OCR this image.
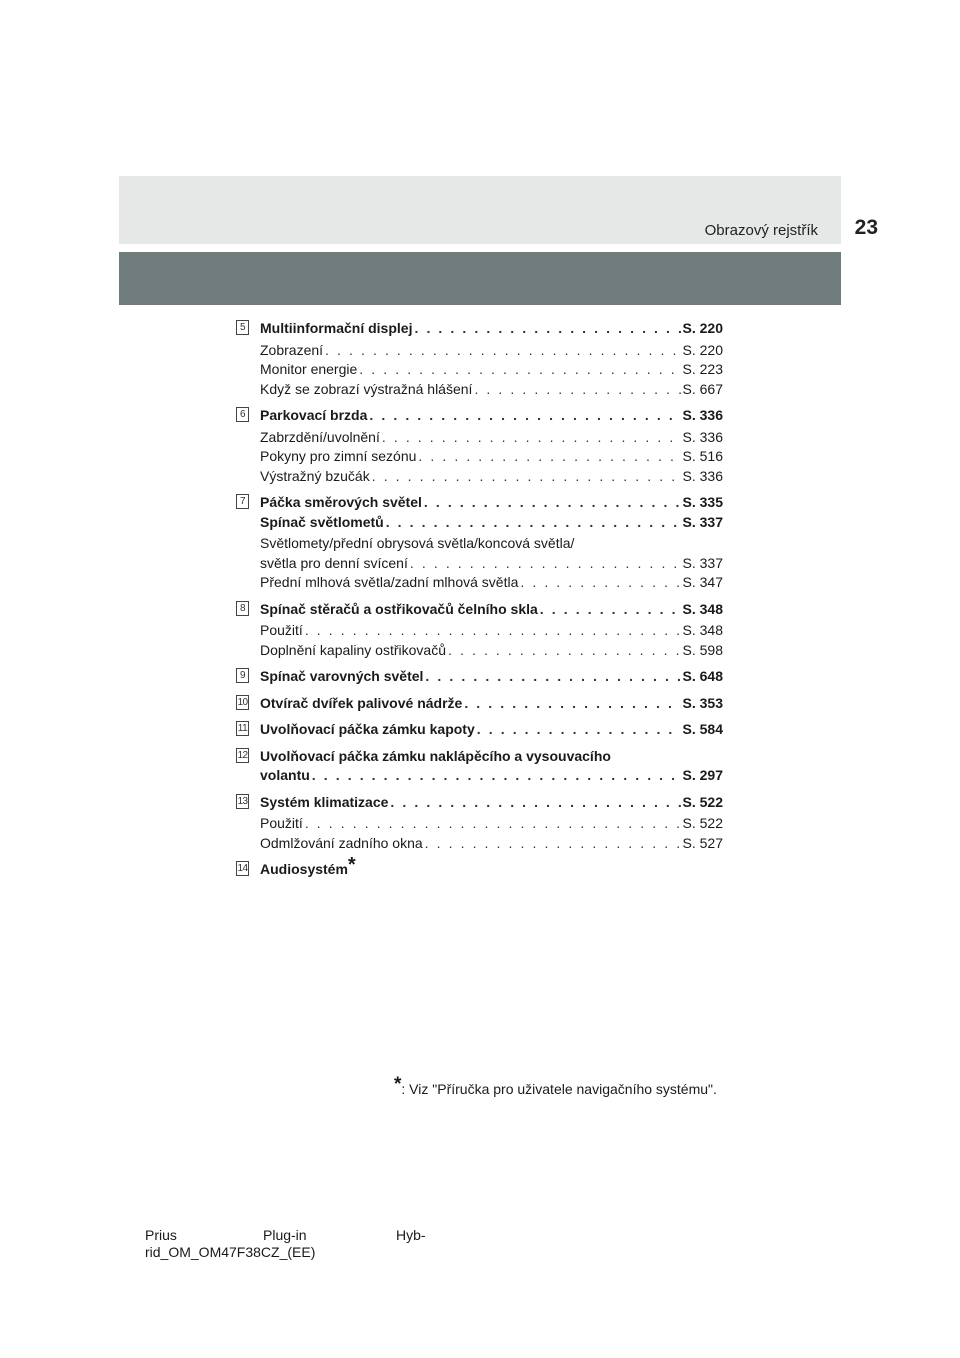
Obrazový rejstřík 23
5 Multiinformační displej . . .	S. 220
Zobrazení . . .	S. 220
Monitor energie . . .	S. 223
Když se zobrazí výstražná hlášení . . .	S. 667
6 Parkovací brzda . . .	S. 336
Zabrzdění/uvolnění . . .	S. 336
Pokyny pro zimní sezónu . . .	S. 516
Výstražný bzučák . . .	S. 336
7 Páčka směrových světel . . .	S. 335
Spínač světlometů . . .	S. 337
Světlomety/přední obrysová světla/koncová světla/
světla pro denní svícení . . .	S. 337
Přední mlhová světla/zadní mlhová světla . . .	S. 347
8 Spínač stěračů a ostřikovačů čelního skla . . .	S. 348
Použití . . .	S. 348
Doplnění kapaliny ostřikovačů . . .	S. 598
9 Spínač varovných světel . . .	S. 648
10 Otvírač dvířek palivové nádrže . . .	S. 353
11 Uvolňovací páčka zámku kapoty . . .	S. 584
12 Uvolňovací páčka zámku naklápěcího a vysouvacího
volantu . . .	S. 297
13 Systém klimatizace . . .	S. 522
Použití . . .	S. 522
Odmlžování zadního okna . . .	S. 527
14 Audiosystém *
*: Viz "Příručka pro uživatele navigačního systému".
Prius	Plug-in	Hyb-
rid_OM_OM47F38CZ_(EE)
